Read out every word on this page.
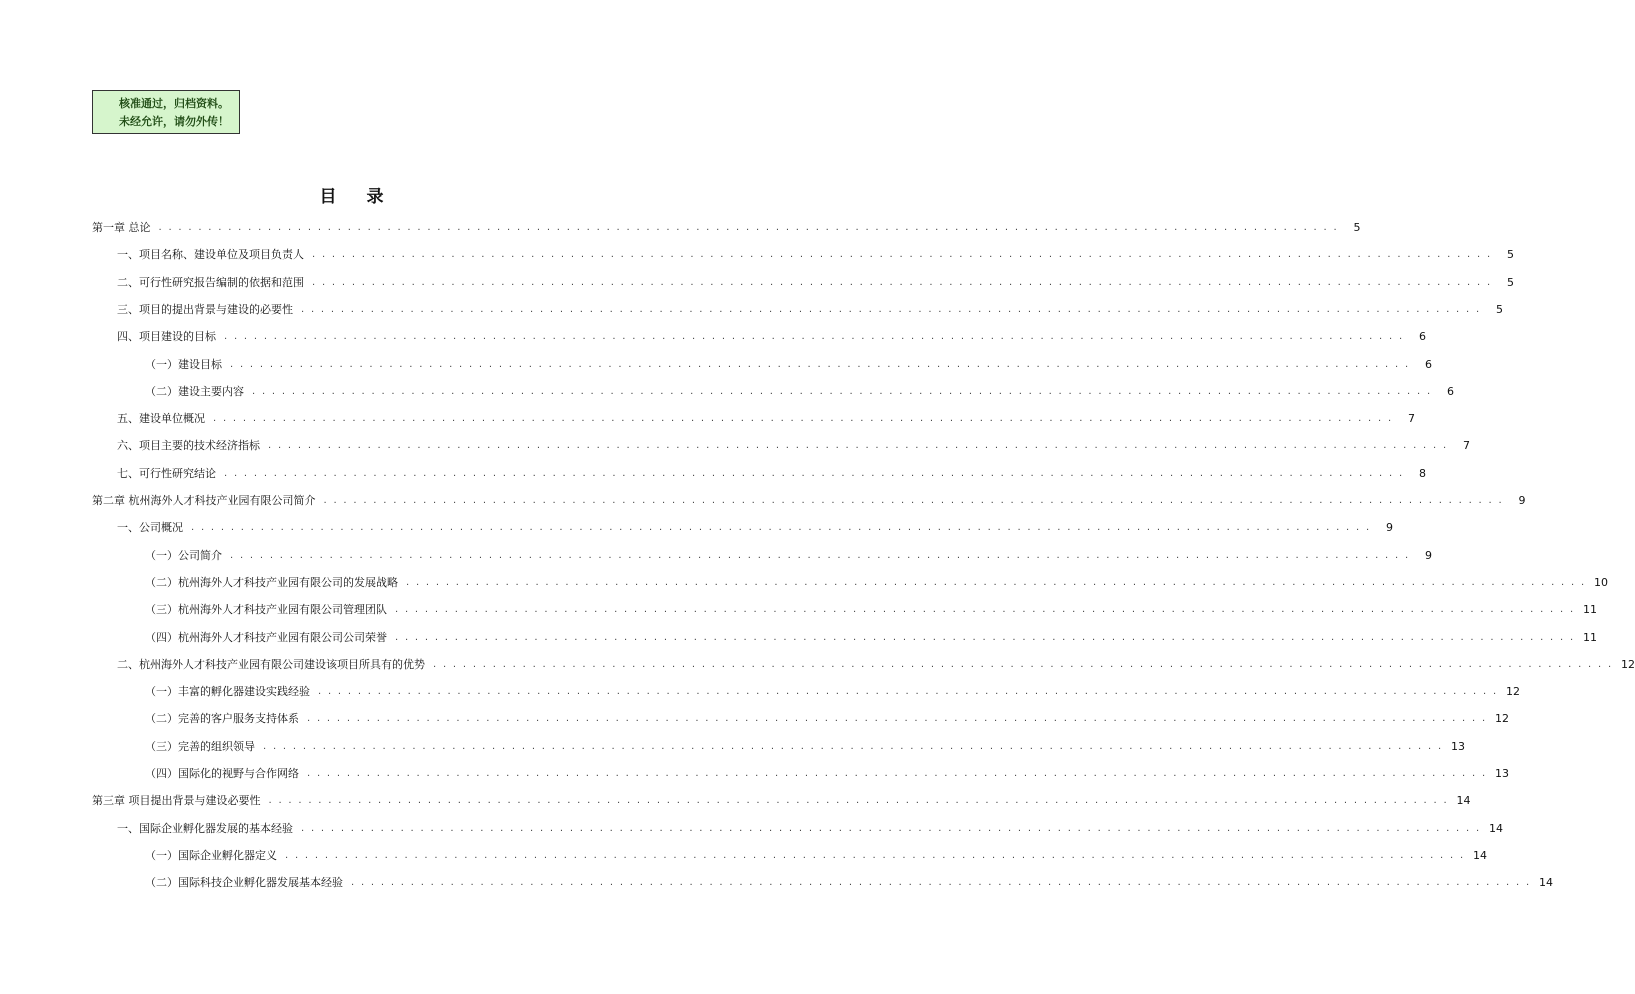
核准通过，归档资料。
未经允许，请勿外传！
目录
第一章 总论 . . . . . . . . . . . . . . . . . . . . . . . . . . . . . . . . . . . . . . . . . . . . . . . . . . . . . . . . . . . . . . . . . . . . . . . . . . . . . . . . . . . . . . . . . . . . . . . . . . . . . . . . . . . . . . . . . . . . . . .	5
一、项目名称、建设单位及项目负责人 . . . . . . . . . . . . . . . . . . . . . . . . . . . . . . . . . . . . . . . . . . . . . . . . . . . . . . . . . . . . . . . . . . . . . . . . . . . . . . . . . . . . . . . . . . . . . . . . . . . . . . . . . . . . . . . . . . . . . . .	5
二、可行性研究报告编制的依据和范围 . . . . . . . . . . . . . . . . . . . . . . . . . . . . . . . . . . . . . . . . . . . . . . . . . . . . . . . . . . . . . . . . . . . . . . . . . . . . . . . . . . . . . . . . . . . . . . . . . . . . . . . . . . . . . . . . . . . . . . .	5
三、项目的提出背景与建设的必要性 . . . . . . . . . . . . . . . . . . . . . . . . . . . . . . . . . . . . . . . . . . . . . . . . . . . . . . . . . . . . . . . . . . . . . . . . . . . . . . . . . . . . . . . . . . . . . . . . . . . . . . . . . . . . . . . . . . . . . . .	5
四、项目建设的目标 . . . . . . . . . . . . . . . . . . . . . . . . . . . . . . . . . . . . . . . . . . . . . . . . . . . . . . . . . . . . . . . . . . . . . . . . . . . . . . . . . . . . . . . . . . . . . . . . . . . . . . . . . . . . . . . . . . . . . . .	6
（一）建设目标 . . . . . . . . . . . . . . . . . . . . . . . . . . . . . . . . . . . . . . . . . . . . . . . . . . . . . . . . . . . . . . . . . . . . . . . . . . . . . . . . . . . . . . . . . . . . . . . . . . . . . . . . . . . . . . . . . . . . . . .	6
（二）建设主要内容 . . . . . . . . . . . . . . . . . . . . . . . . . . . . . . . . . . . . . . . . . . . . . . . . . . . . . . . . . . . . . . . . . . . . . . . . . . . . . . . . . . . . . . . . . . . . . . . . . . . . . . . . . . . . . . . . . . . . . . .	6
五、建设单位概况 . . . . . . . . . . . . . . . . . . . . . . . . . . . . . . . . . . . . . . . . . . . . . . . . . . . . . . . . . . . . . . . . . . . . . . . . . . . . . . . . . . . . . . . . . . . . . . . . . . . . . . . . . . . . . . . . . . . . . . .	7
六、项目主要的技术经济指标 . . . . . . . . . . . . . . . . . . . . . . . . . . . . . . . . . . . . . . . . . . . . . . . . . . . . . . . . . . . . . . . . . . . . . . . . . . . . . . . . . . . . . . . . . . . . . . . . . . . . . . . . . . . . . . . . . . . . . . .	7
七、可行性研究结论 . . . . . . . . . . . . . . . . . . . . . . . . . . . . . . . . . . . . . . . . . . . . . . . . . . . . . . . . . . . . . . . . . . . . . . . . . . . . . . . . . . . . . . . . . . . . . . . . . . . . . . . . . . . . . . . . . . . . . . .	8
第二章 杭州海外人才科技产业园有限公司简介 . . . . . . . . . . . . . . . . . . . . . . . . . . . . . . . . . . . . . . . . . . . . . . . . . . . . . . . . . . . . . . . . . . . . . . . . . . . . . . . . . . . . . . . . . . . . . . . . . . . . . . . . . . . . . . . . . . . . . . .	9
一、公司概况 . . . . . . . . . . . . . . . . . . . . . . . . . . . . . . . . . . . . . . . . . . . . . . . . . . . . . . . . . . . . . . . . . . . . . . . . . . . . . . . . . . . . . . . . . . . . . . . . . . . . . . . . . . . . . . . . . . . . . . .	9
（一）公司简介 . . . . . . . . . . . . . . . . . . . . . . . . . . . . . . . . . . . . . . . . . . . . . . . . . . . . . . . . . . . . . . . . . . . . . . . . . . . . . . . . . . . . . . . . . . . . . . . . . . . . . . . . . . . . . . . . . . . . . . .	9
（二）杭州海外人才科技产业园有限公司的发展战略 . . . . . . . . . . . . . . . . . . . . . . . . . . . . . . . . . . . . . . . . . . . . . . . . . . . . . . . . . . . . . . . . . . . . . . . . . . . . . . . . . . . . . . . . . . . . . . . . . . . . . . . . . . . . . . . . . . . . . . . 10
（三）杭州海外人才科技产业园有限公司管理团队 . . . . . . . . . . . . . . . . . . . . . . . . . . . . . . . . . . . . . . . . . . . . . . . . . . . . . . . . . . . . . . . . . . . . . . . . . . . . . . . . . . . . . . . . . . . . . . . . . . . . . . . . . . . . . . . . . . . . . . . 11
（四）杭州海外人才科技产业园有限公司公司荣誉 . . . . . . . . . . . . . . . . . . . . . . . . . . . . . . . . . . . . . . . . . . . . . . . . . . . . . . . . . . . . . . . . . . . . . . . . . . . . . . . . . . . . . . . . . . . . . . . . . . . . . . . . . . . . . . . . . . . . . . . 11
二、杭州海外人才科技产业园有限公司建设该项目所具有的优势 . . . . . . . . . . . . . . . . . . . . . . . . . . . . . . . . . . . . . . . . . . . . . . . . . . . . . . . . . . . . . . . . . . . . . . . . . . . . . . . . . . . . . . . . . . . . . . . . . . . . . . . . . . . . . . . . . . . . . . . 12
（一）丰富的孵化器建设实践经验 . . . . . . . . . . . . . . . . . . . . . . . . . . . . . . . . . . . . . . . . . . . . . . . . . . . . . . . . . . . . . . . . . . . . . . . . . . . . . . . . . . . . . . . . . . . . . . . . . . . . . . . . . . . . . . . . . . . . . . . 12
（二）完善的客户服务支持体系 . . . . . . . . . . . . . . . . . . . . . . . . . . . . . . . . . . . . . . . . . . . . . . . . . . . . . . . . . . . . . . . . . . . . . . . . . . . . . . . . . . . . . . . . . . . . . . . . . . . . . . . . . . . . . . . . . . . . . . . 12
（三）完善的组织领导 . . . . . . . . . . . . . . . . . . . . . . . . . . . . . . . . . . . . . . . . . . . . . . . . . . . . . . . . . . . . . . . . . . . . . . . . . . . . . . . . . . . . . . . . . . . . . . . . . . . . . . . . . . . . . . . . . . . . . . . 13
（四）国际化的视野与合作网络 . . . . . . . . . . . . . . . . . . . . . . . . . . . . . . . . . . . . . . . . . . . . . . . . . . . . . . . . . . . . . . . . . . . . . . . . . . . . . . . . . . . . . . . . . . . . . . . . . . . . . . . . . . . . . . . . . . . . . . . 13
第三章 项目提出背景与建设必要性 . . . . . . . . . . . . . . . . . . . . . . . . . . . . . . . . . . . . . . . . . . . . . . . . . . . . . . . . . . . . . . . . . . . . . . . . . . . . . . . . . . . . . . . . . . . . . . . . . . . . . . . . . . . . . . . . . . . . . . . 14
一、国际企业孵化器发展的基本经验 . . . . . . . . . . . . . . . . . . . . . . . . . . . . . . . . . . . . . . . . . . . . . . . . . . . . . . . . . . . . . . . . . . . . . . . . . . . . . . . . . . . . . . . . . . . . . . . . . . . . . . . . . . . . . . . . . . . . . . . 14
（一）国际企业孵化器定义 . . . . . . . . . . . . . . . . . . . . . . . . . . . . . . . . . . . . . . . . . . . . . . . . . . . . . . . . . . . . . . . . . . . . . . . . . . . . . . . . . . . . . . . . . . . . . . . . . . . . . . . . . . . . . . . . . . . . . . . 14
（二）国际科技企业孵化器发展基本经验 . . . . . . . . . . . . . . . . . . . . . . . . . . . . . . . . . . . . . . . . . . . . . . . . . . . . . . . . . . . . . . . . . . . . . . . . . . . . . . . . . . . . . . . . . . . . . . . . . . . . . . . . . . . . . . . . . . . . . . . 14
